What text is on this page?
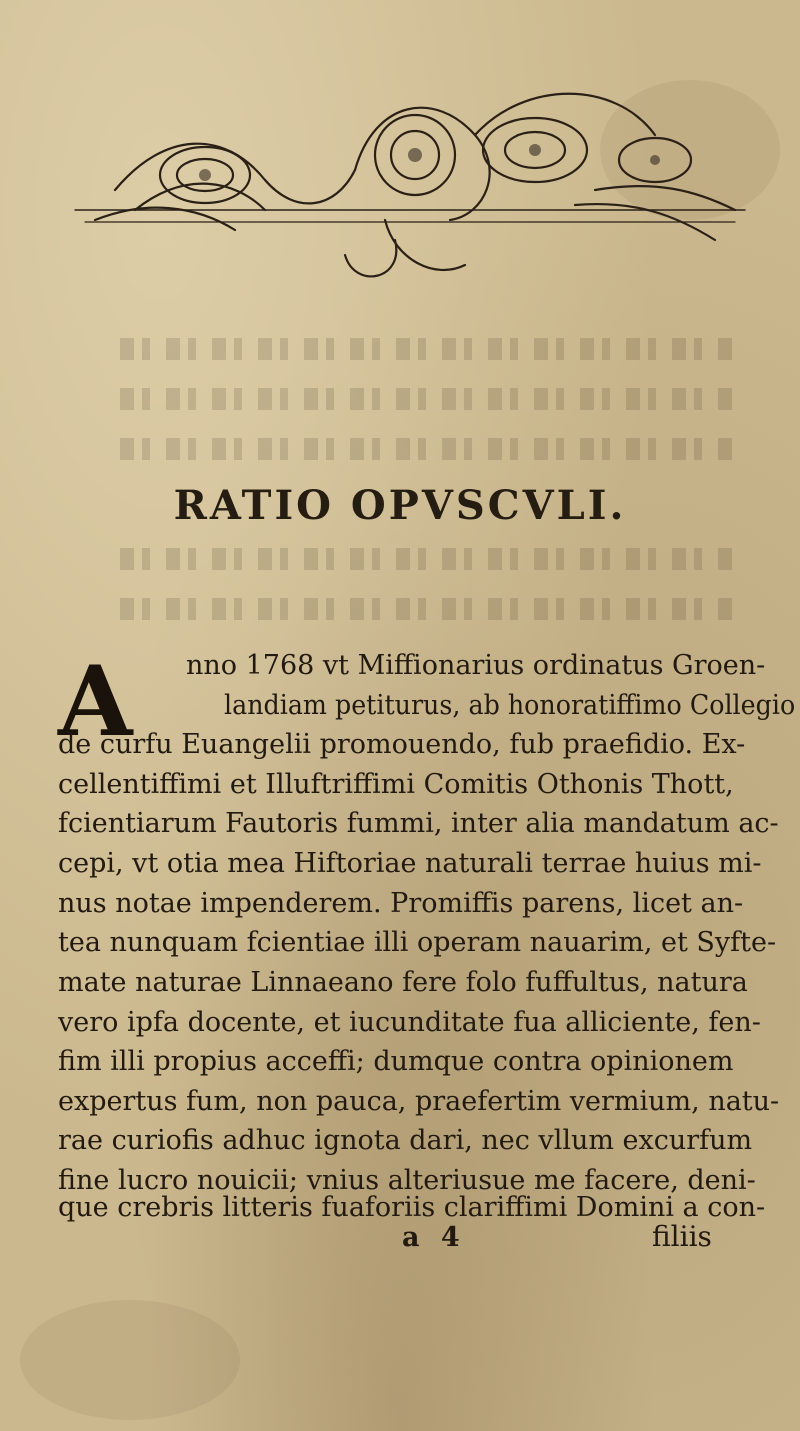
RATIO OPVSCVLI.
A nno 1768 vt Miffionarius ordinatus Groen-
landiam petiturus, ab honoratiffimo Collegio
de curfu Euangelii promouendo, fub praefidio. Ex-
cellentiffimi et Illuftriffimi Comitis Othonis Thott,
fcientiarum Fautoris fummi, inter alia mandatum ac-
cepi, vt otia mea Hiftoriae naturali terrae huius mi-
nus notae impenderem. Promiffis parens, licet an-
tea nunquam fcientiae illi operam nauarim, et Syfte-
mate naturae Linnaeano fere folo fuffultus, natura
vero ipfa docente, et iucunditate fua alliciente, fen-
fim illi propius acceffi; dumque contra opinionem
expertus fum, non pauca, praefertim vermium, natu-
rae curiofis adhuc ignota dari, nec vllum excurfum
fine lucro nouicii; vnius alteriusue me facere, deni-
que crebris litteris fuaforiis clariffimi Domini a con-
a 4	filiis
